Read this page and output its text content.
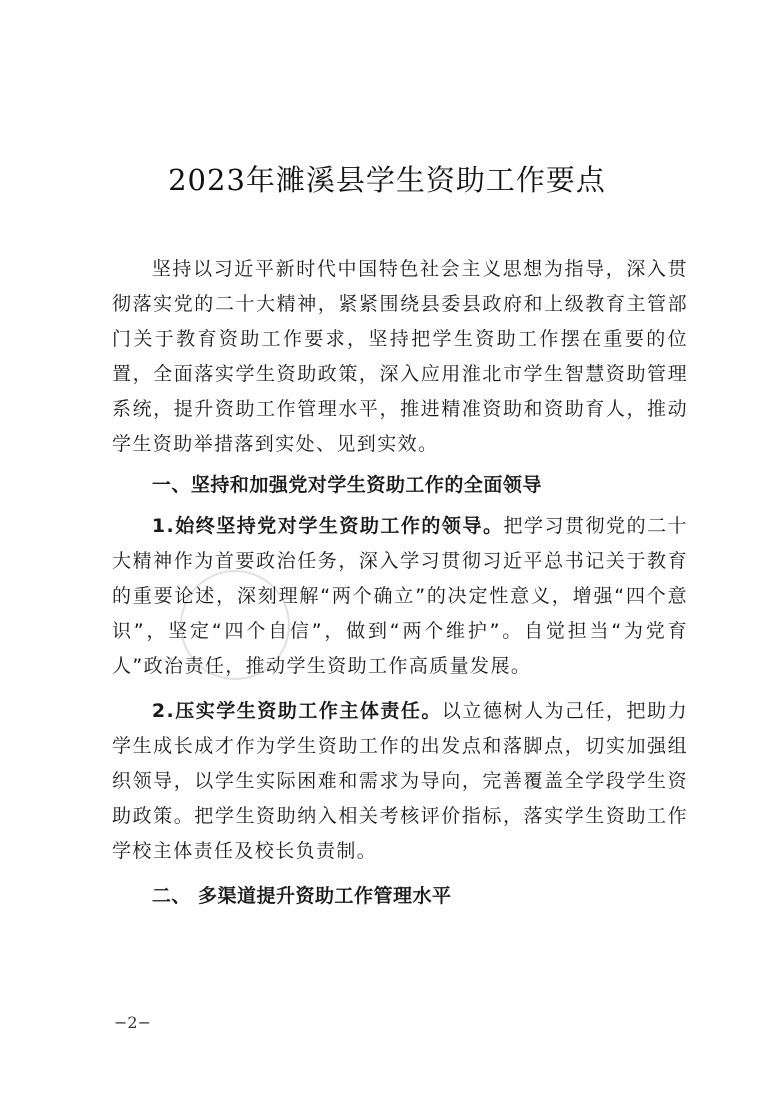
2023年濉溪县学生资助工作要点

坚持以习近平新时代中国特色社会主义思想为指导，深入贯彻落实党的二十大精神，紧紧围绕县委县政府和上级教育主管部门关于教育资助工作要求，坚持把学生资助工作摆在重要的位置，全面落实学生资助政策，深入应用淮北市学生智慧资助管理系统，提升资助工作管理水平，推进精准资助和资助育人，推动学生资助举措落到实处、见到实效。

一、坚持和加强党对学生资助工作的全面领导

1.始终坚持党对学生资助工作的领导。把学习贯彻党的二十大精神作为首要政治任务，深入学习贯彻习近平总书记关于教育的重要论述，深刻理解“两个确立”的决定性意义，增强“四个意识”，坚定“四个自信”，做到“两个维护”。自觉担当“为党育人”政治责任，推动学生资助工作高质量发展。

2.压实学生资助工作主体责任。以立德树人为己任，把助力学生成长成才作为学生资助工作的出发点和落脚点，切实加强组织领导，以学生实际困难和需求为导向，完善覆盖全学段学生资助政策。把学生资助纳入相关考核评价指标，落实学生资助工作学校主体责任及校长负责制。

二、 多渠道提升资助工作管理水平

−2−
